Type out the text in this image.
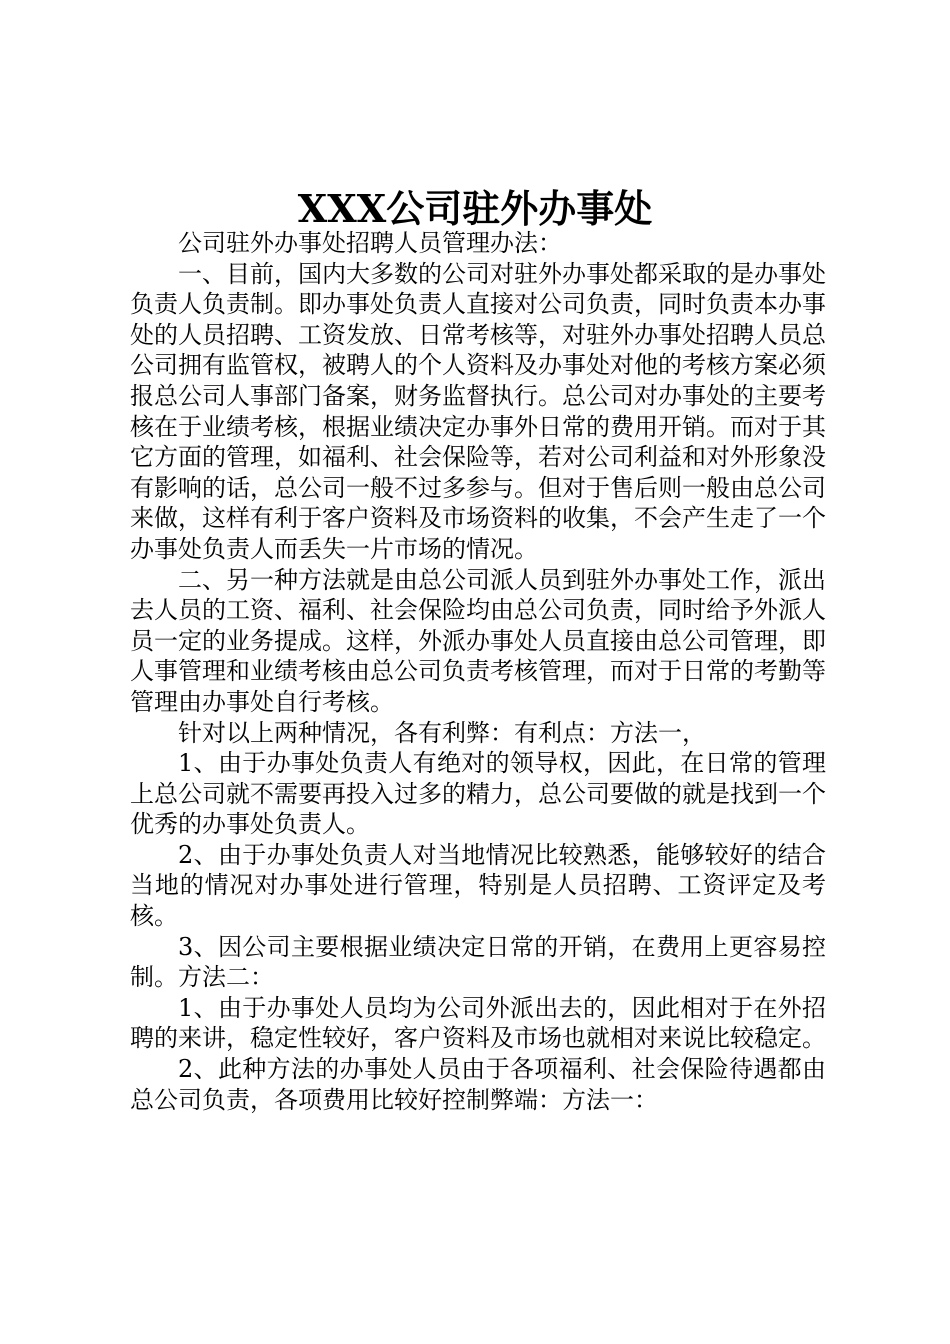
XXX公司驻外办事处

公司驻外办事处招聘人员管理办法：

一、目前，国内大多数的公司对驻外办事处都采取的是办事处负责人负责制。即办事处负责人直接对公司负责，同时负责本办事处的人员招聘、工资发放、日常考核等，对驻外办事处招聘人员总公司拥有监管权，被聘人的个人资料及办事处对他的考核方案必须报总公司人事部门备案，财务监督执行。总公司对办事处的主要考核在于业绩考核，根据业绩决定办事外日常的费用开销。而对于其它方面的管理，如福利、社会保险等，若对公司利益和对外形象没有影响的话，总公司一般不过多参与。但对于售后则一般由总公司来做，这样有利于客户资料及市场资料的收集，不会产生走了一个办事处负责人而丢失一片市场的情况。

二、另一种方法就是由总公司派人员到驻外办事处工作，派出去人员的工资、福利、社会保险均由总公司负责，同时给予外派人员一定的业务提成。这样，外派办事处人员直接由总公司管理，即人事管理和业绩考核由总公司负责考核管理，而对于日常的考勤等管理由办事处自行考核。

针对以上两种情况，各有利弊：有利点：方法一，

1、由于办事处负责人有绝对的领导权，因此，在日常的管理上总公司就不需要再投入过多的精力，总公司要做的就是找到一个优秀的办事处负责人。

2、由于办事处负责人对当地情况比较熟悉，能够较好的结合当地的情况对办事处进行管理，特别是人员招聘、工资评定及考核。

3、因公司主要根据业绩决定日常的开销，在费用上更容易控制。方法二：

1、由于办事处人员均为公司外派出去的，因此相对于在外招聘的来讲，稳定性较好，客户资料及市场也就相对来说比较稳定。

2、此种方法的办事处人员由于各项福利、社会保险待遇都由总公司负责，各项费用比较好控制弊端：方法一：
